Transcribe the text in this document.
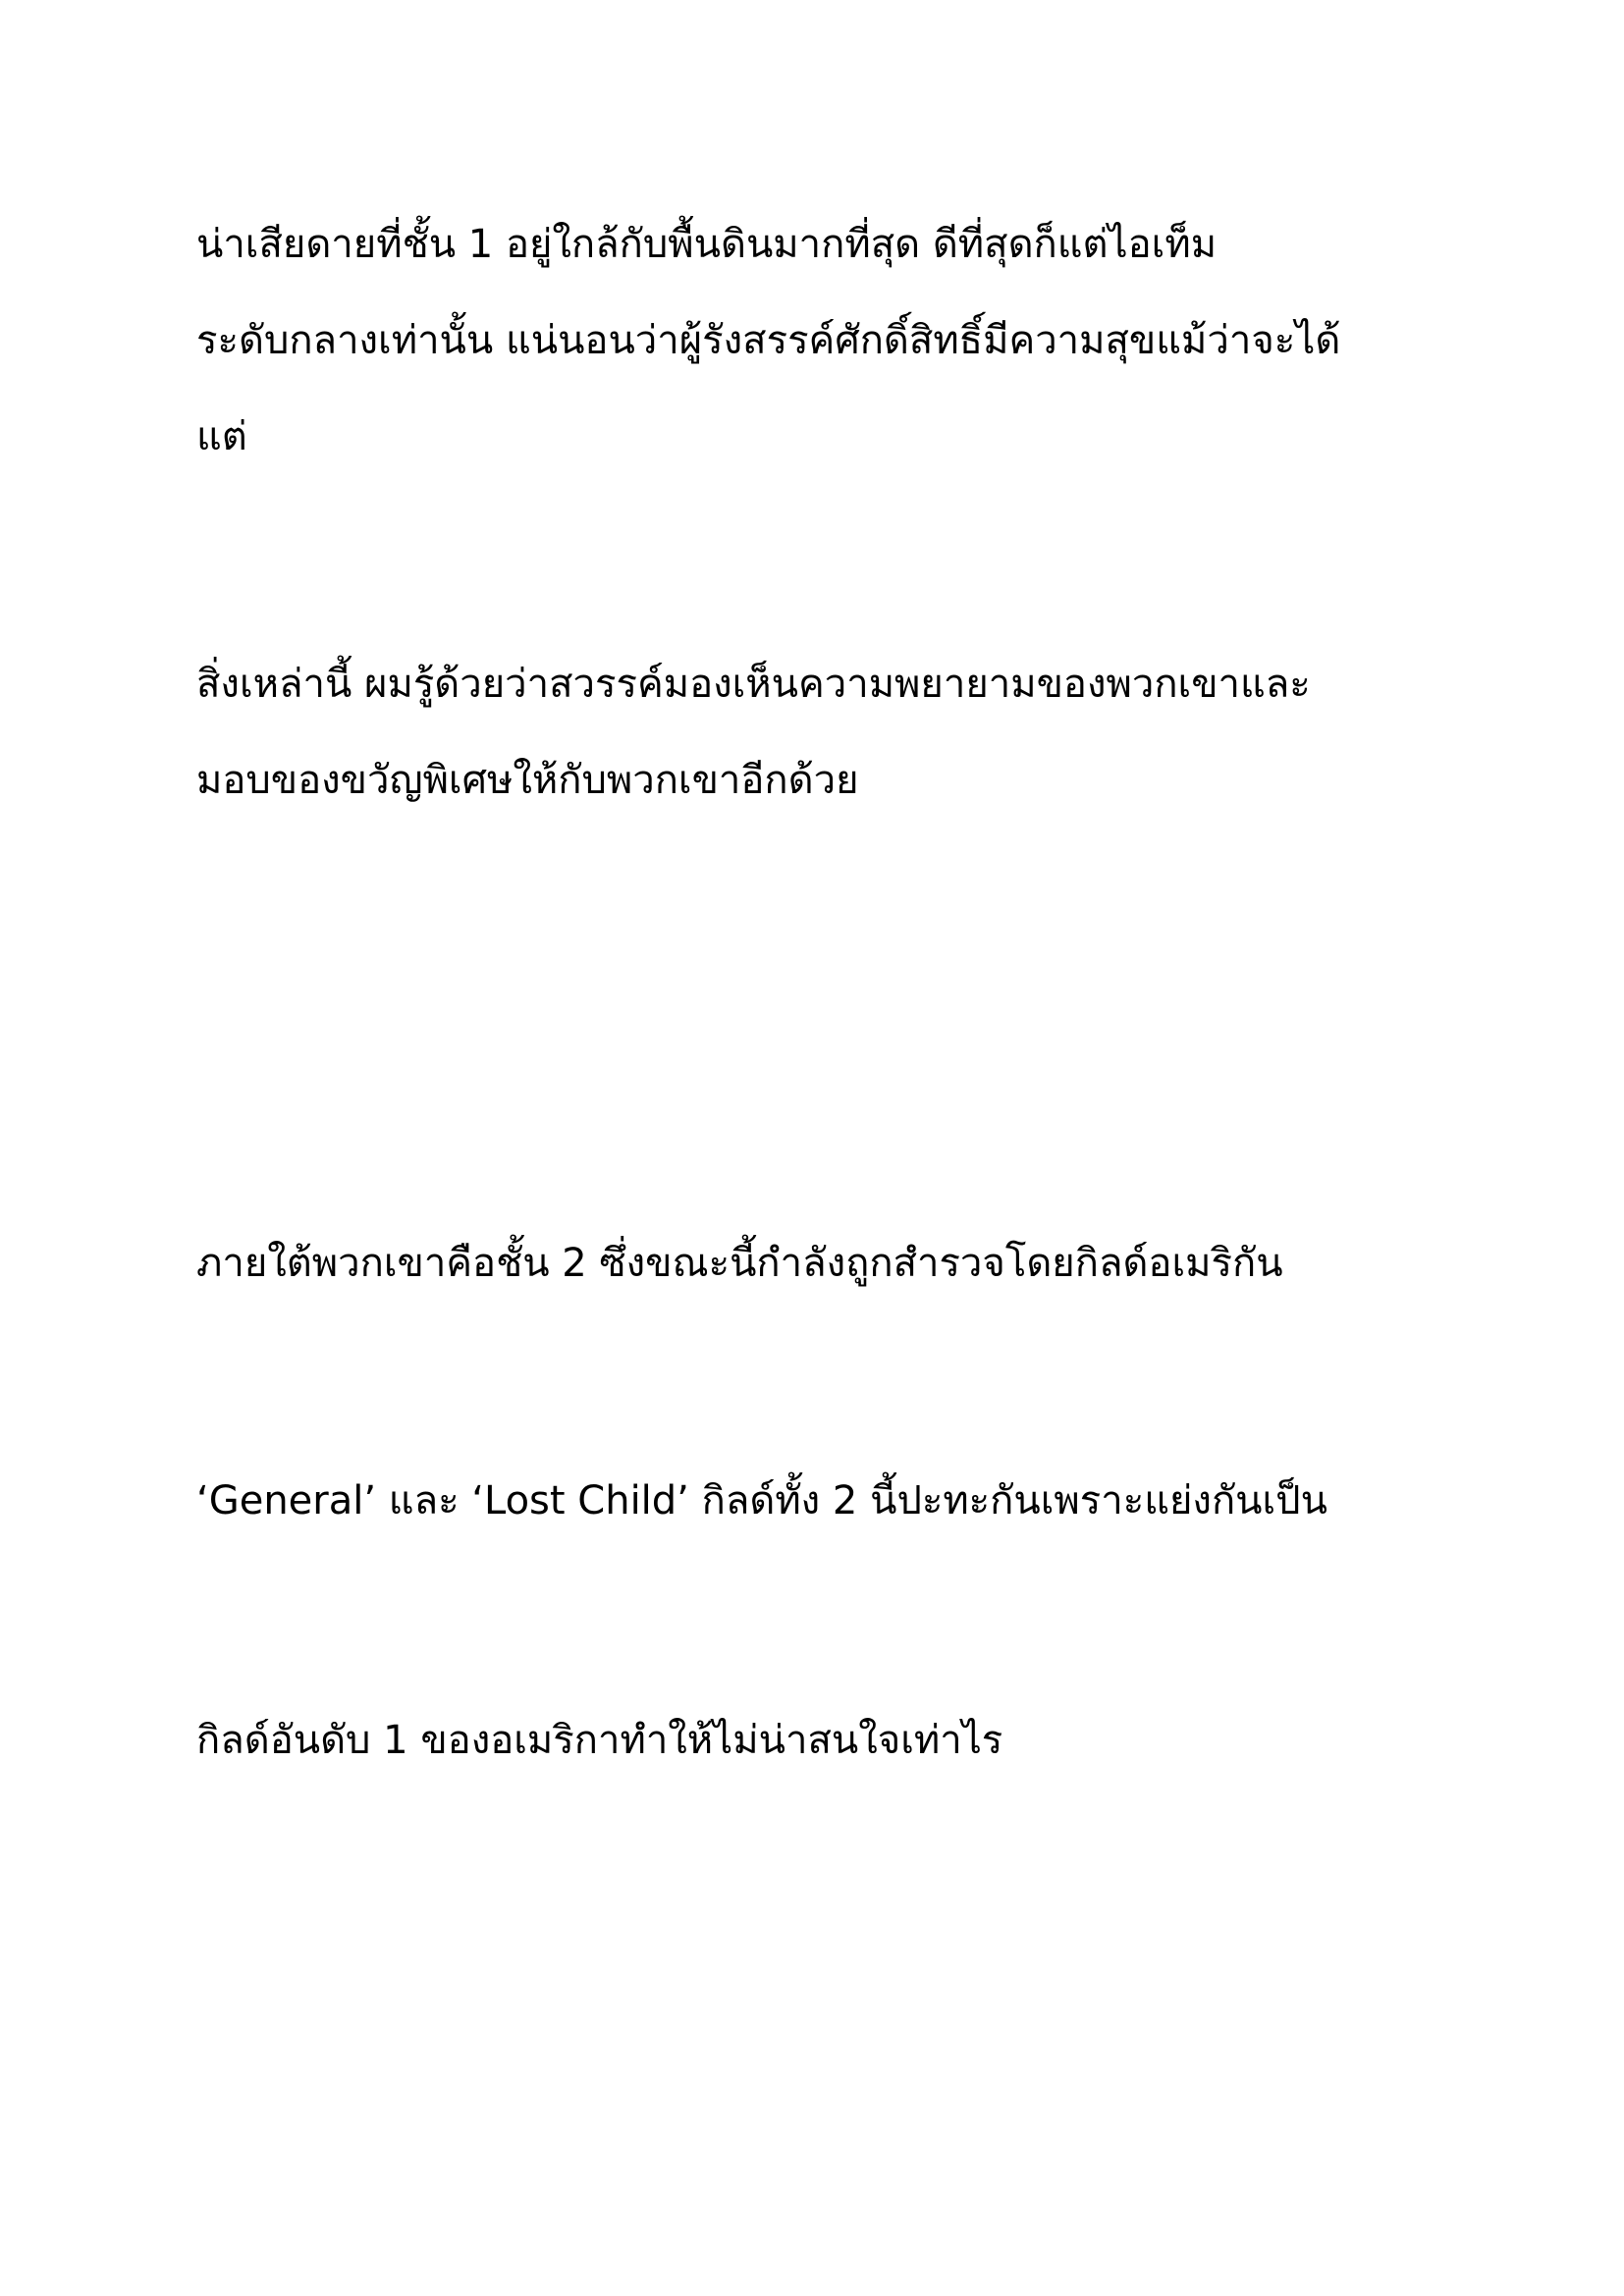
น่าเสียดายที่ชั้น 1 อยู่ใกล้กับพื้นดินมากที่สุด ดีที่สุดก็แต่ไอเท็ม
ระดับกลางเท่านั้น แน่นอนว่าผู้รังสรรค์ศักดิ์สิทธิ์มีความสุขแม้ว่าจะได้
แต่

สิ่งเหล่านี้ ผมรู้ด้วยว่าสวรรค์มองเห็นความพยายามของพวกเขาและ
มอบของขวัญพิเศษให้กับพวกเขาอีกด้วย

ภายใต้พวกเขาคือชั้น 2 ซึ่งขณะนี้กำลังถูกสำรวจโดยกิลด์อเมริกัน

‘General’ และ ‘Lost Child’ กิลด์ทั้ง 2 นี้ปะทะกันเพราะแย่งกันเป็น

กิลด์อันดับ 1 ของอเมริกาทำให้ไม่น่าสนใจเท่าไร
